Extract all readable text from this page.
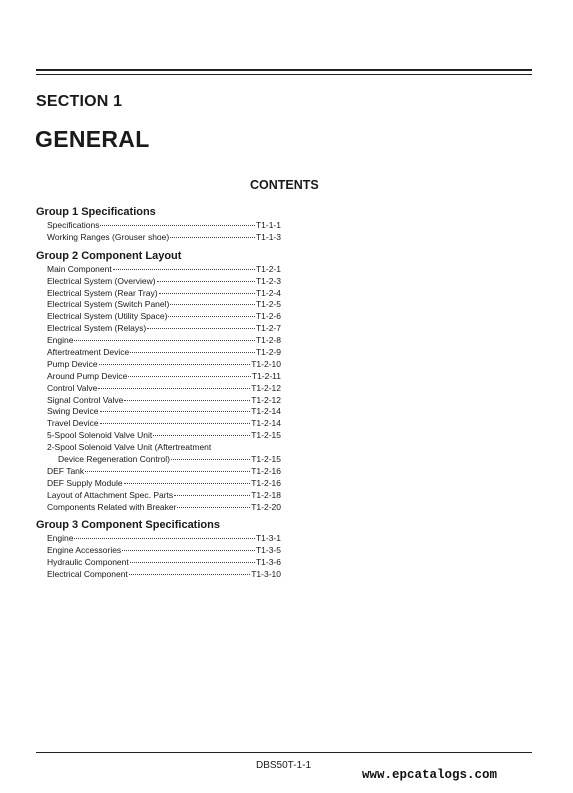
SECTION 1
GENERAL
CONTENTS
Group 1 Specifications
Specifications	T1-1-1
Working Ranges (Grouser shoe)	T1-1-3
Group 2 Component Layout
Main Component	T1-2-1
Electrical System (Overview)	T1-2-3
Electrical System (Rear Tray)	T1-2-4
Electrical System (Switch Panel)	T1-2-5
Electrical System (Utility Space)	T1-2-6
Electrical System (Relays)	T1-2-7
Engine	T1-2-8
Aftertreatment Device	T1-2-9
Pump Device	T1-2-10
Around Pump Device	T1-2-11
Control Valve	T1-2-12
Signal Control Valve	T1-2-12
Swing Device	T1-2-14
Travel Device	T1-2-14
5-Spool Solenoid Valve Unit	T1-2-15
2-Spool Solenoid Valve Unit (Aftertreatment
Device Regeneration Control)	T1-2-15
DEF Tank	T1-2-16
DEF Supply Module	T1-2-16
Layout of Attachment Spec. Parts	T1-2-18
Components Related with Breaker	T1-2-20
Group 3 Component Specifications
Engine	T1-3-1
Engine Accessories	T1-3-5
Hydraulic Component	T1-3-6
Electrical Component	T1-3-10
DBS50T-1-1
www.epcatalogs.com
